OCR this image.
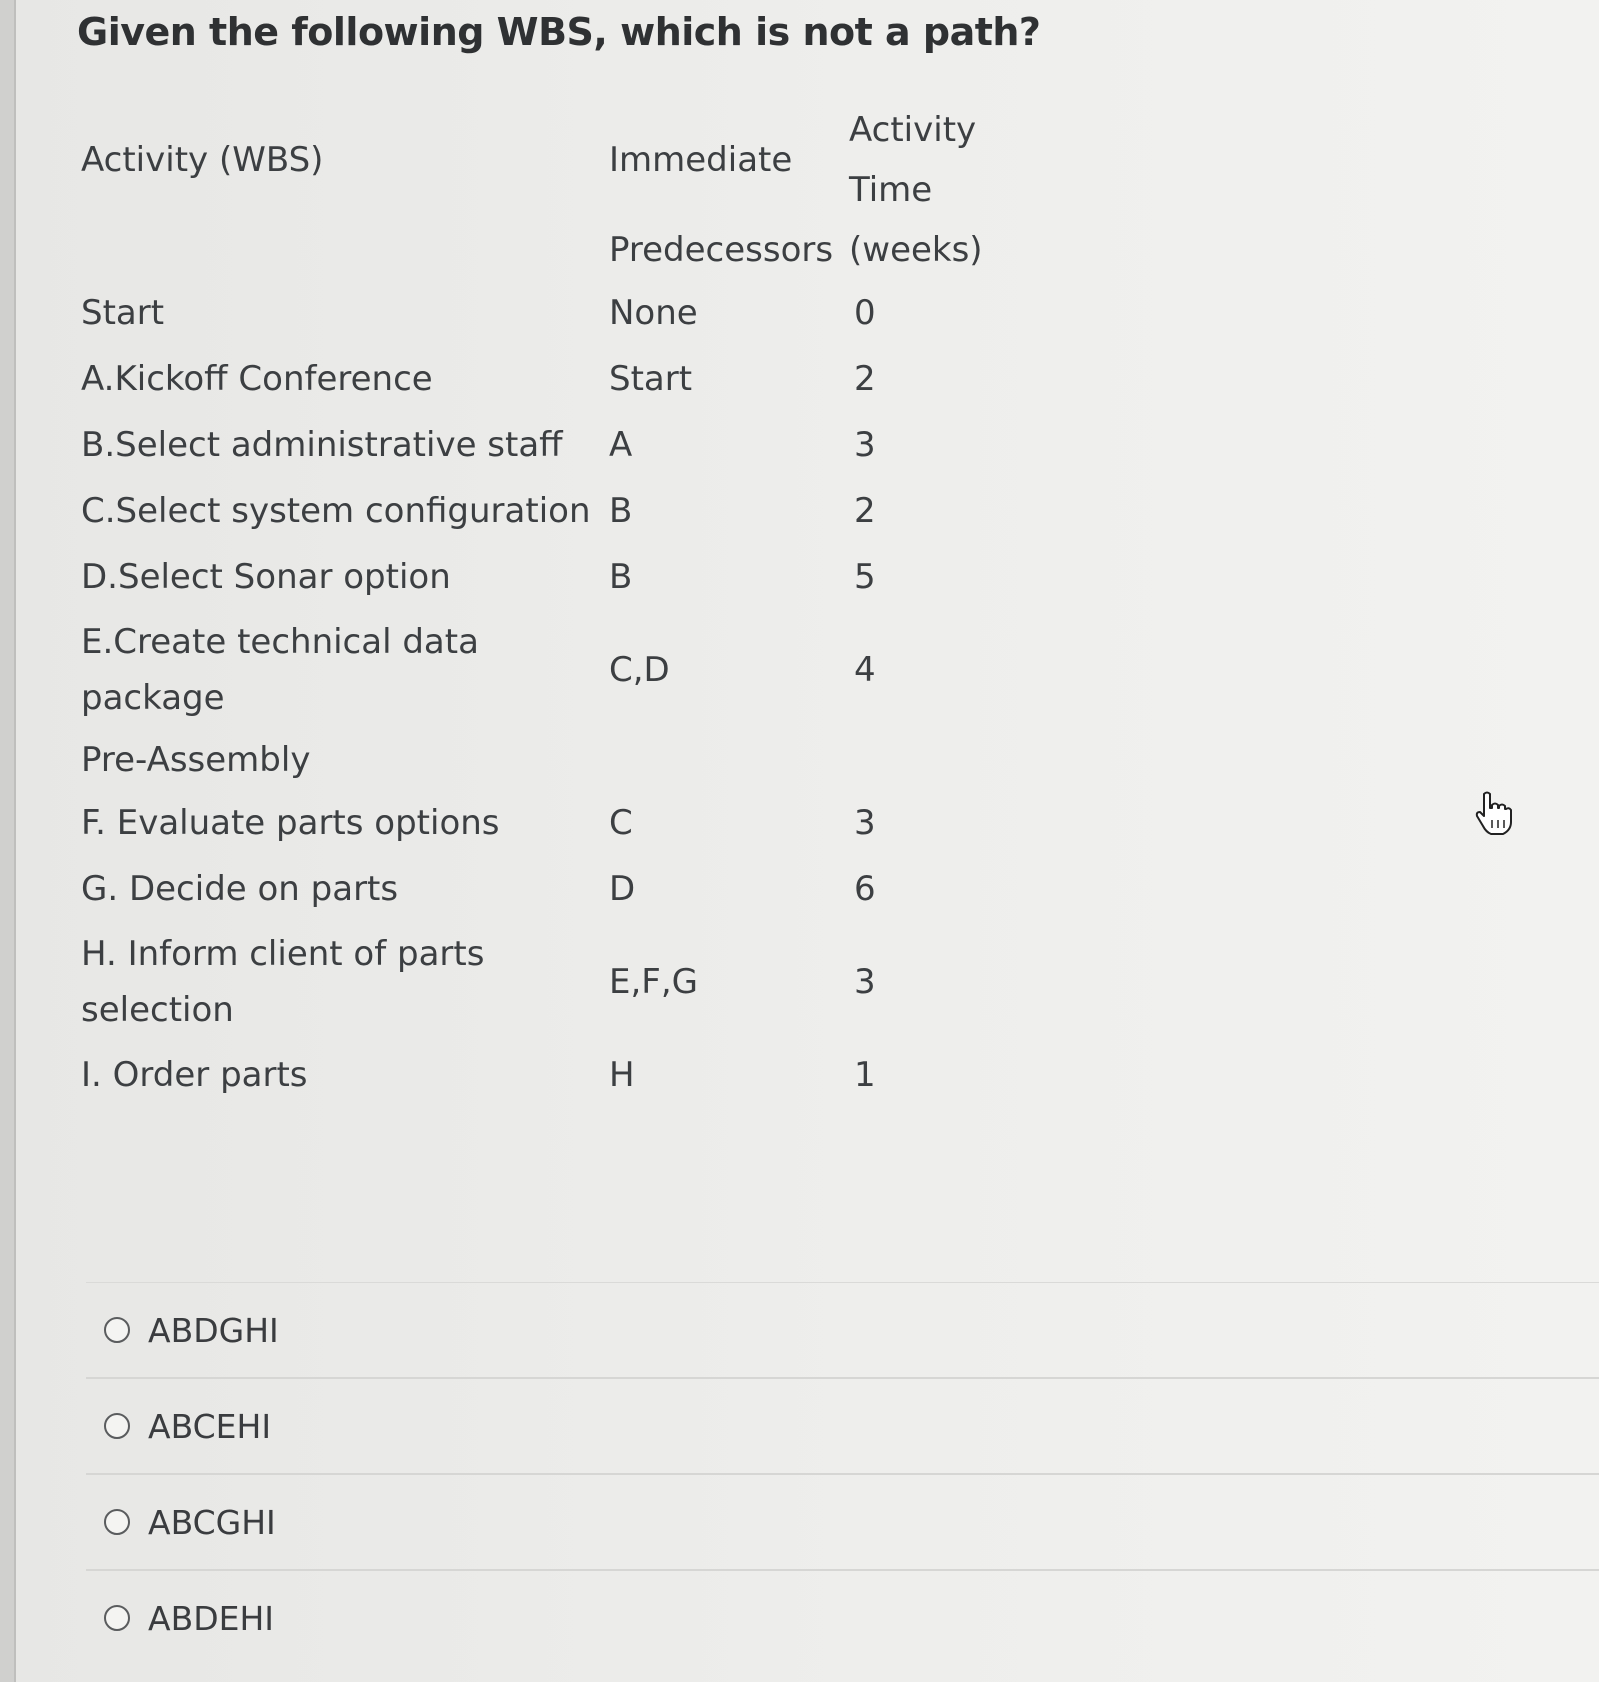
Given the following WBS, which is not a path?
Activity (WBS)	Immediate	Activity
		Time
	Predecessors	(weeks)
Start	None	0
A.Kickoff Conference	Start	2
B.Select administrative staff	A	3
C.Select system configuration	B	2
D.Select Sonar option	B	5
E.Create technical data package	C,D	4
Pre-Assembly		
F. Evaluate parts options	C	3
G. Decide on parts	D	6
H. Inform client of parts selection	E,F,G	3
I. Order parts	H	1
ABDGHI
ABCEHI
ABCGHI
ABDEHI
